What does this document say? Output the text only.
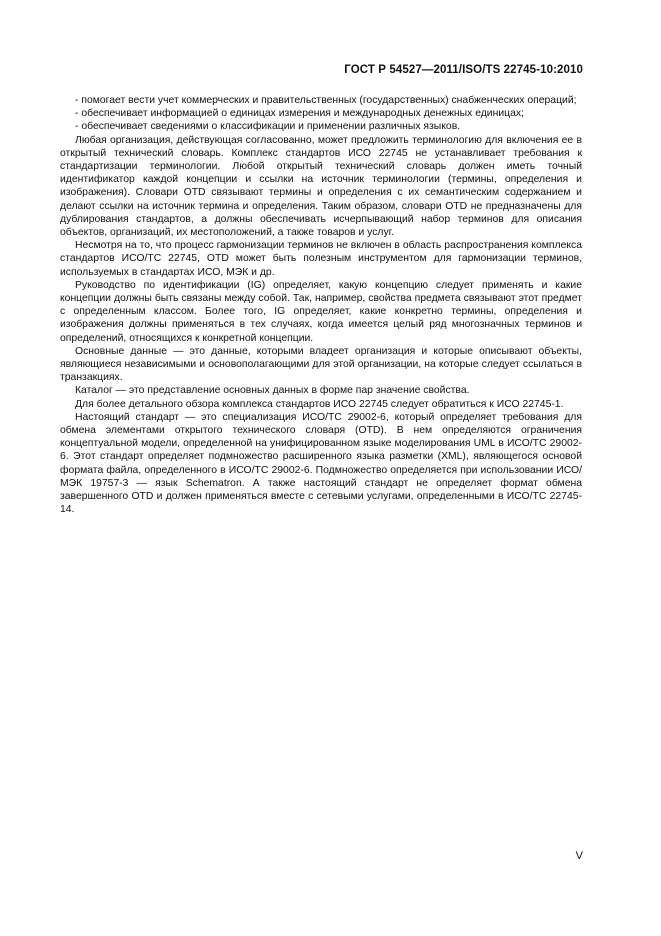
ГОСТ Р 54527—2011/ISO/TS 22745-10:2010

- помогает вести учет коммерческих и правительственных (государственных) снабженческих операций;

- обеспечивает информацией о единицах измерения и международных денежных единицах;

- обеспечивает сведениями о классификации и применении различных языков.

Любая организация, действующая согласованно, может предложить терминологию для включения ее в открытый технический словарь. Комплекс стандартов ИСО 22745 не устанавливает требования к стандартизации терминологии. Любой открытый технический словарь должен иметь точный идентификатор каждой концепции и ссылки на источник терминологии (термины, определения и изображения). Словари OTD связывают термины и определения с их семантическим содержанием и делают ссылки на источник термина и определения. Таким образом, словари OTD не предназначены для дублирования стандартов, а должны обеспечивать исчерпывающий набор терминов для описания объектов, организаций, их местоположений, а также товаров и услуг.

Несмотря на то, что процесс гармонизации терминов не включен в область распространения комплекса стандартов ИСО/ТС 22745, OTD может быть полезным инструментом для гармонизации терминов, используемых в стандартах ИСО, МЭК и др.

Руководство по идентификации (IG) определяет, какую концепцию следует применять и какие концепции должны быть связаны между собой. Так, например, свойства предмета связывают этот предмет с определенным классом. Более того, IG определяет, какие конкретно термины, определения и изображения должны применяться в тех случаях, когда имеется целый ряд многозначных терминов и определений, относящихся к конкретной концепции.

Основные данные — это данные, которыми владеет организация и которые описывают объекты, являющиеся независимыми и основополагающими для этой организации, на которые следует ссылаться в транзакциях.

Каталог — это представление основных данных в форме пар значение свойства.

Для более детального обзора комплекса стандартов ИСО 22745 следует обратиться к ИСО 22745-1.

Настоящий стандарт — это специализация ИСО/ТС 29002-6, который определяет требования для обмена элементами открытого технического словаря (OTD). В нем определяются ограничения концептуальной модели, определенной на унифицированном языке моделирования UML в ИСО/ТС 29002-6. Этот стандарт определяет подмножество расширенного языка разметки (XML), являющегося основой формата файла, определенного в ИСО/ТС 29002-6. Подмножество определяется при использовании ИСО/МЭК 19757-3 — язык Schematron. А также настоящий стандарт не определяет формат обмена завершенного OTD и должен применяться вместе с сетевыми услугами, определенными в ИСО/ТС 22745-14.

V
